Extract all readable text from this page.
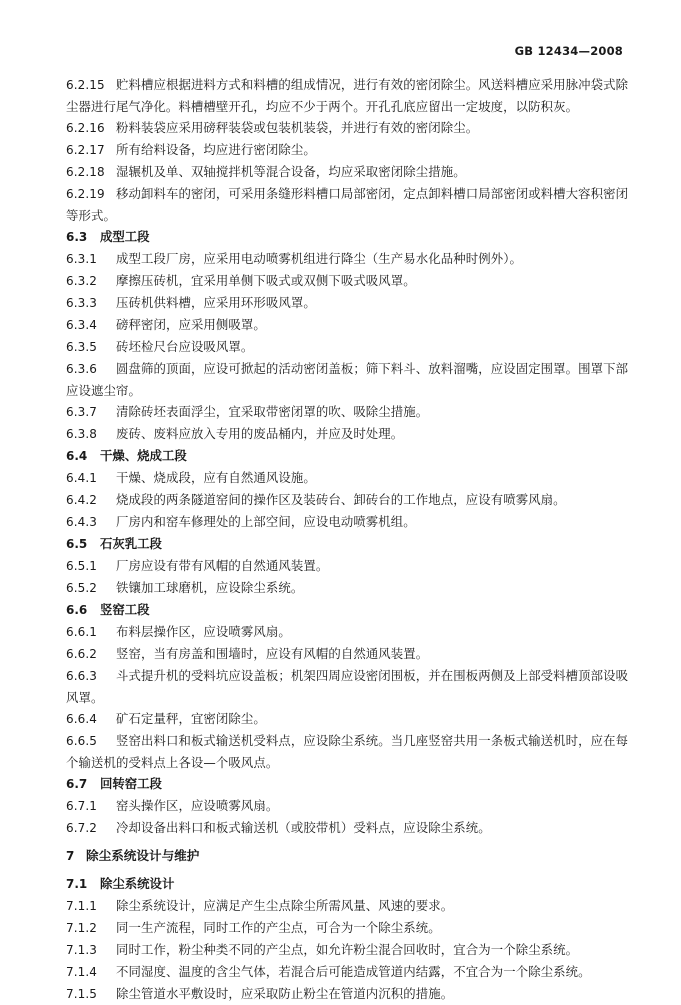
GB 12434—2008
6.2.15 贮料槽应根据进料方式和料槽的组成情况，进行有效的密闭除尘。风送料槽应采用脉冲袋式除尘器进行尾气净化。料槽槽壁开孔，均应不少于两个。开孔孔底应留出一定坡度，以防积灰。
6.2.16 粉料装袋应采用磅秤装袋或包装机装袋，并进行有效的密闭除尘。
6.2.17 所有给料设备，均应进行密闭除尘。
6.2.18 湿辗机及单、双轴搅拌机等混合设备，均应采取密闭除尘措施。
6.2.19 移动卸料车的密闭，可采用条缝形料槽口局部密闭，定点卸料槽口局部密闭或料槽大容积密闭等形式。
6.3 成型工段
6.3.1 成型工段厂房，应采用电动喷雾机组进行降尘（生产易水化品种时例外）。
6.3.2 摩擦压砖机，宜采用单侧下吸式或双侧下吸式吸风罩。
6.3.3 压砖机供料槽，应采用环形吸风罩。
6.3.4 磅秤密闭，应采用侧吸罩。
6.3.5 砖坯检尺台应设吸风罩。
6.3.6 圆盘筛的顶面，应设可掀起的活动密闭盖板；筛下料斗、放料溜嘴，应设固定围罩。围罩下部应设遮尘帘。
6.3.7 清除砖坯表面浮尘，宜采取带密闭罩的吹、吸除尘措施。
6.3.8 废砖、废料应放入专用的废品桶内，并应及时处理。
6.4 干燥、烧成工段
6.4.1 干燥、烧成段，应有自然通风设施。
6.4.2 烧成段的两条隧道窑间的操作区及装砖台、卸砖台的工作地点，应设有喷雾风扇。
6.4.3 厂房内和窑车修理处的上部空间，应设电动喷雾机组。
6.5 石灰乳工段
6.5.1 厂房应设有带有风帽的自然通风装置。
6.5.2 铁镶加工球磨机，应设除尘系统。
6.6 竖窑工段
6.6.1 布料层操作区，应设喷雾风扇。
6.6.2 竖窑，当有房盖和围墙时，应设有风帽的自然通风装置。
6.6.3 斗式提升机的受料坑应设盖板；机架四周应设密闭围板，并在围板两侧及上部受料槽顶部设吸风罩。
6.6.4 矿石定量秤，宜密闭除尘。
6.6.5 竖窑出料口和板式输送机受料点，应设除尘系统。当几座竖窑共用一条板式输送机时，应在每个输送机的受料点上各设—个吸风点。
6.7 回转窑工段
6.7.1 窑头操作区，应设喷雾风扇。
6.7.2 冷却设备出料口和板式输送机（或胶带机）受料点，应设除尘系统。
7 除尘系统设计与维护
7.1 除尘系统设计
7.1.1 除尘系统设计，应满足产生尘点除尘所需风量、风速的要求。
7.1.2 同一生产流程，同时工作的产尘点，可合为一个除尘系统。
7.1.3 同时工作，粉尘种类不同的产尘点，如允许粉尘混合回收时，宜合为一个除尘系统。
7.1.4 不同湿度、温度的含尘气体，若混合后可能造成管道内结露，不宜合为一个除尘系统。
7.1.5 除尘管道水平敷设时，应采取防止粉尘在管道内沉积的措施。
